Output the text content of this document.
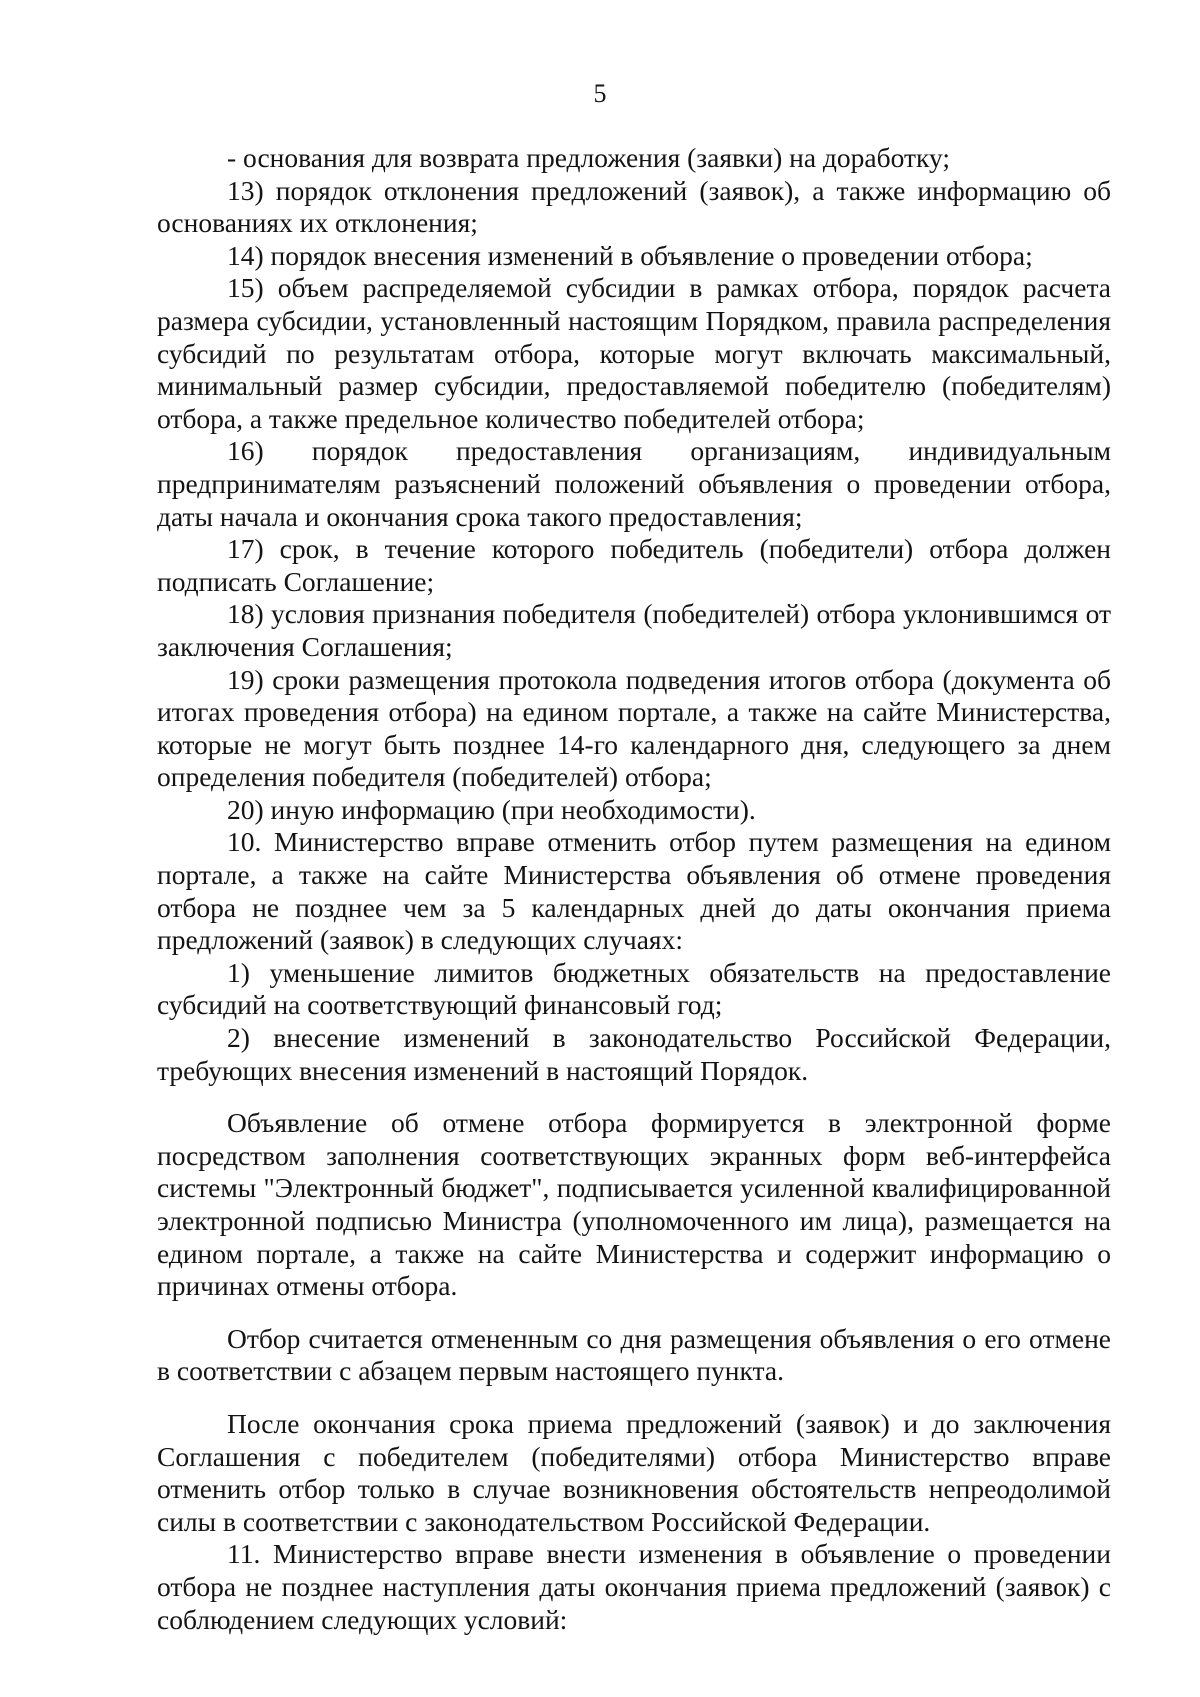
5

- основания для возврата предложения (заявки) на доработку;

13) порядок отклонения предложений (заявок), а также информацию об основаниях их отклонения;

14) порядок внесения изменений в объявление о проведении отбора;

15) объем распределяемой субсидии в рамках отбора, порядок расчета размера субсидии, установленный настоящим Порядком, правила распределения субсидий по результатам отбора, которые могут включать максимальный, минимальный размер субсидии, предоставляемой победителю (победителям) отбора, а также предельное количество победителей отбора;

16) порядок предоставления организациям, индивидуальным предпринимателям разъяснений положений объявления о проведении отбора, даты начала и окончания срока такого предоставления;

17) срок, в течение которого победитель (победители) отбора должен подписать Соглашение;

18) условия признания победителя (победителей) отбора уклонившимся от заключения Соглашения;

19) сроки размещения протокола подведения итогов отбора (документа об итогах проведения отбора) на едином портале, а также на сайте Министерства, которые не могут быть позднее 14-го календарного дня, следующего за днем определения победителя (победителей) отбора;

20) иную информацию (при необходимости).

10. Министерство вправе отменить отбор путем размещения на едином портале, а также на сайте Министерства объявления об отмене проведения отбора не позднее чем за 5 календарных дней до даты окончания приема предложений (заявок) в следующих случаях:

1) уменьшение лимитов бюджетных обязательств на предоставление субсидий на соответствующий финансовый год;

2) внесение изменений в законодательство Российской Федерации, требующих внесения изменений в настоящий Порядок.

Объявление об отмене отбора формируется в электронной форме посредством заполнения соответствующих экранных форм веб-интерфейса системы "Электронный бюджет", подписывается усиленной квалифицированной электронной подписью Министра (уполномоченного им лица), размещается на едином портале, а также на сайте Министерства и содержит информацию о причинах отмены отбора.

Отбор считается отмененным со дня размещения объявления о его отмене в соответствии с абзацем первым настоящего пункта.

После окончания срока приема предложений (заявок) и до заключения Соглашения с победителем (победителями) отбора Министерство вправе отменить отбор только в случае возникновения обстоятельств непреодолимой силы в соответствии с законодательством Российской Федерации.

11. Министерство вправе внести изменения в объявление о проведении отбора не позднее наступления даты окончания приема предложений (заявок) с соблюдением следующих условий:
